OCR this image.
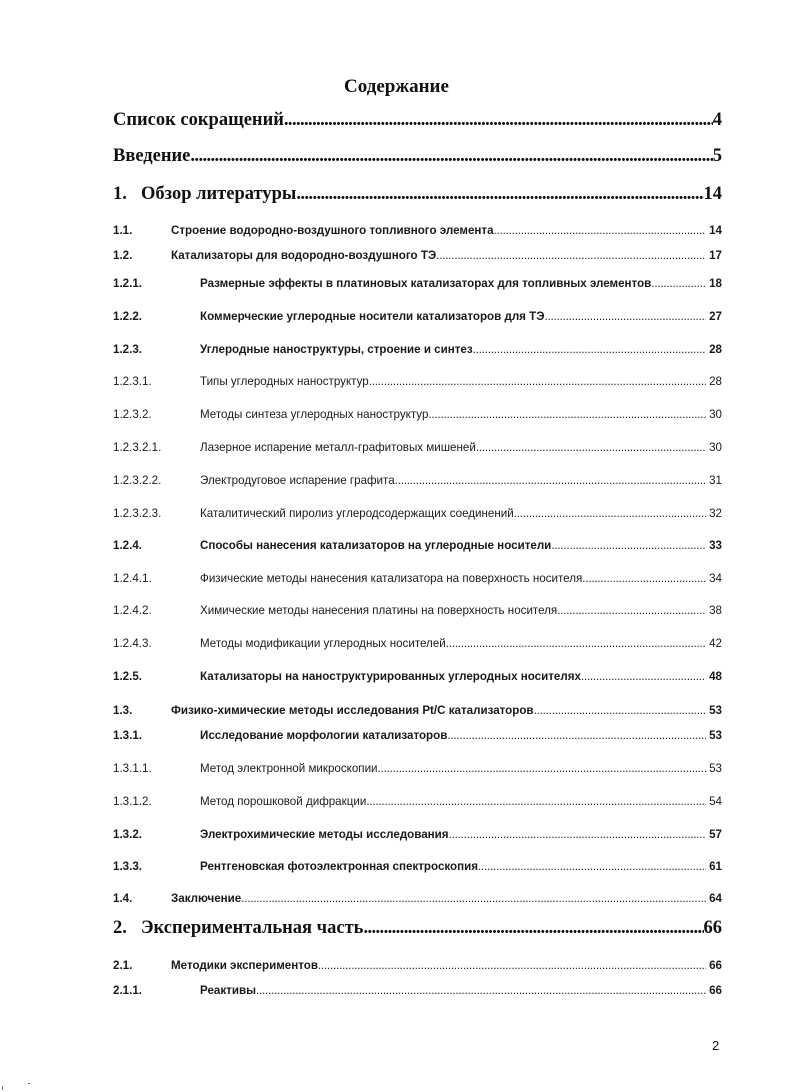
Содержание
Список сокращений .....	4
Введение .....	5
1. Обзор литературы .....	14
1.1.	Строение водородно-воздушного топливного элемента .....	14
1.2.	Катализаторы для водородно-воздушного ТЭ .....	17
1.2.1.	Размерные эффекты в платиновых катализаторах для топливных элементов .....	18
1.2.2.	Коммерческие углеродные носители катализаторов для ТЭ .....	27
1.2.3.	Углеродные наноструктуры, строение и синтез .....	28
1.2.3.1.	Типы углеродных наноструктур .....	28
1.2.3.2.	Методы синтеза углеродных наноструктур .....	30
1.2.3.2.1.	Лазерное испарение металл-графитовых мишеней .....	30
1.2.3.2.2.	Электродуговое испарение графита .....	31
1.2.3.2.3.	Каталитический пиролиз углеродсодержащих соединений .....	32
1.2.4.	Способы нанесения катализаторов на углеродные носители .....	33
1.2.4.1.	Физические методы нанесения катализатора на поверхность носителя .....	34
1.2.4.2.	Химические методы нанесения платины на поверхность носителя .....	38
1.2.4.3.	Методы модификации углеродных носителей .....	42
1.2.5.	Катализаторы на наноструктурированных углеродных носителях .....	48
1.3.	Физико-химические методы исследования Pt/C катализаторов .....	53
1.3.1.	Исследование морфологии катализаторов .....	53
1.3.1.1.	Метод электронной микроскопии .....	53
1.3.1.2.	Метод порошковой дифракции .....	54
1.3.2.	Электрохимические методы исследования .....	57
1.3.3.	Рентгеновская фотоэлектронная спектроскопия .....	61
1.4.	Заключение .....	64
2. Экспериментальная часть .....	66
2.1.	Методики экспериментов .....	66
2.1.1.	Реактивы .....	66
2
